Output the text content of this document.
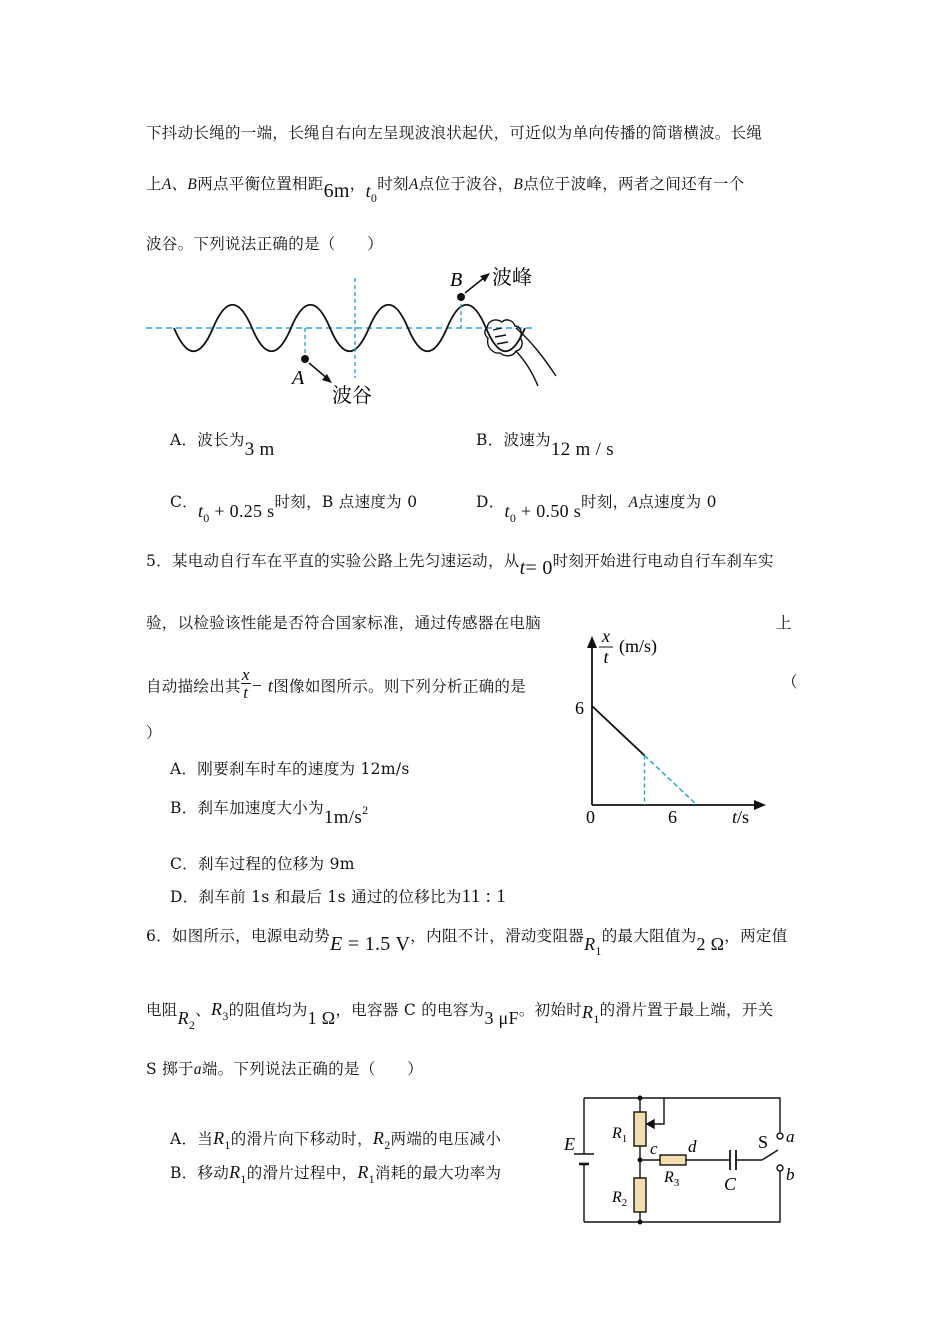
下抖动长绳的一端，长绳自右向左呈现波浪状起伏，可近似为单向传播的简谐横波。长绳
上A、B两点平衡位置相距6m，$t_0$时刻A点位于波谷，B点位于波峰，两者之间还有一个
波谷。下列说法正确的是（　　）
B
A
波峰
波谷
A．波长为3 m	B．波速为12 m / s
C．$t_0 + 0.25$ s时刻，B 点速度为 0	D．$t_0 + 0.50$ s时刻，A点速度为 0
5．某电动自行车在平直的实验公路上先匀速运动，从t= 0时刻开始进行电动自行车刹车实
验，以检验该性能是否符合国家标准，通过传感器在电脑	上
自动描绘出其 $\frac{x}{t} - t$图像如图所示。则下列分析正确的是	（
）
x
t
(m/s)
6
0	6	t/s
A．刚要刹车时车的速度为 12m/s
B．刹车加速度大小为$1m/s^2$
C．刹车过程的位移为 9m
D．刹车前 1s 和最后 1s 通过的位移比为11 : 1
6．如图所示，电源电动势E = 1.5 V，内阻不计，滑动变阻器$R_1$的最大阻值为2 Ω，两定值
电阻$R_2$、$R_3$的阻值均为1 Ω，电容器 C 的电容为3 μF。初始时$R_1$的滑片置于最上端，开关
S 掷于a端。下列说法正确的是（　　）
A．当$R_1$的滑片向下移动时，$R_2$两端的电压减小
B．移动$R_1$的滑片过程中，$R_1$消耗的最大功率为
E
$R_1$
$R_2$
$R_3$
c d
C
S a
b
